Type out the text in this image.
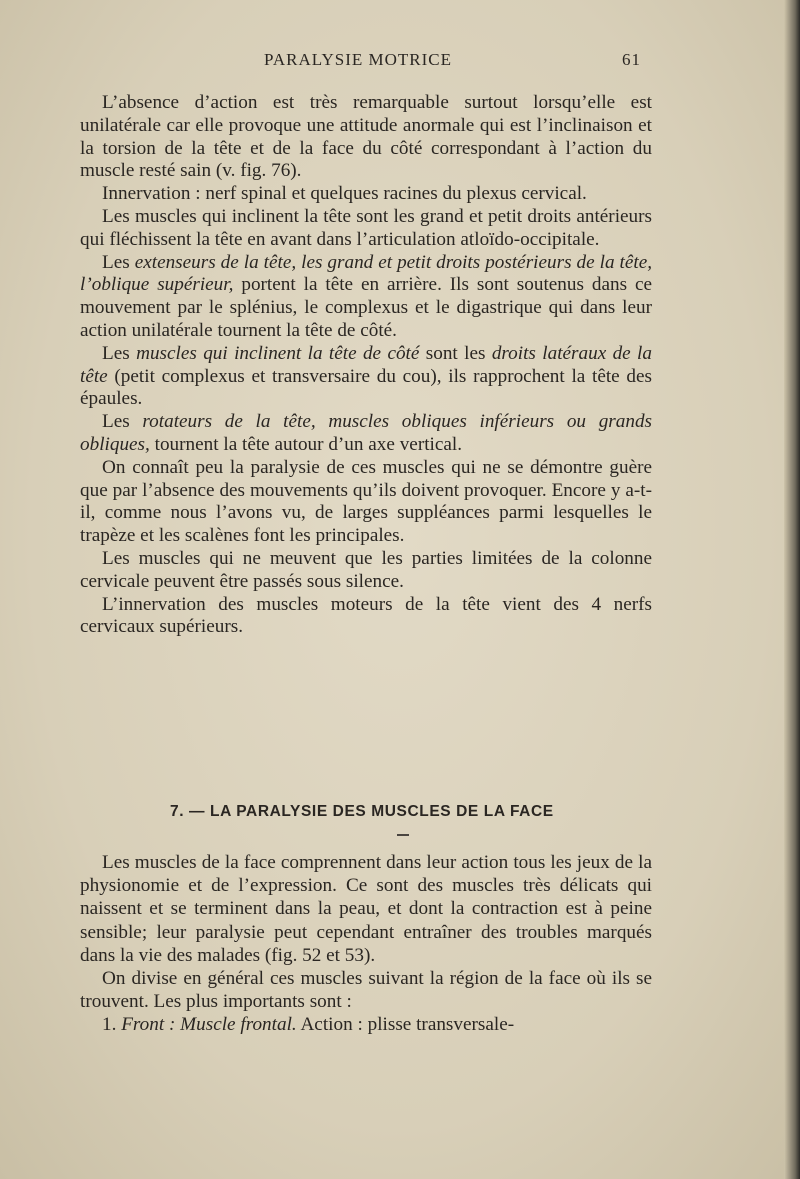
PARALYSIE MOTRICE	61

L’absence d’action est très remarquable surtout lorsqu’elle est unilatérale car elle provoque une attitude anormale qui est l’inclinaison et la torsion de la tête et de la face du côté correspondant à l’action du muscle resté sain (v. fig. 76).

Innervation : nerf spinal et quelques racines du plexus cervical.

Les muscles qui inclinent la tête sont les grand et petit droits antérieurs qui fléchissent la tête en avant dans l’articulation atloïdo-occipitale.

Les extenseurs de la tête, les grand et petit droits postérieurs de la tête, l’oblique supérieur, portent la tête en arrière. Ils sont soutenus dans ce mouvement par le splénius, le complexus et le digastrique qui dans leur action unilatérale tournent la tête de côté.

Les muscles qui inclinent la tête de côté sont les droits latéraux de la tête (petit complexus et transversaire du cou), ils rapprochent la tête des épaules.

Les rotateurs de la tête, muscles obliques inférieurs ou grands obliques, tournent la tête autour d’un axe vertical.

On connaît peu la paralysie de ces muscles qui ne se démontre guère que par l’absence des mouvements qu’ils doivent provoquer. Encore y a-t-il, comme nous l’avons vu, de larges suppléances parmi lesquelles le trapèze et les scalènes font les principales.

Les muscles qui ne meuvent que les parties limitées de la colonne cervicale peuvent être passés sous silence.

L’innervation des muscles moteurs de la tête vient des 4 nerfs cervicaux supérieurs.

7. — LA PARALYSIE DES MUSCLES DE LA FACE

Les muscles de la face comprennent dans leur action tous les jeux de la physionomie et de l’expression. Ce sont des muscles très délicats qui naissent et se terminent dans la peau, et dont la contraction est à peine sensible; leur paralysie peut cependant entraîner des troubles marqués dans la vie des malades (fig. 52 et 53).

On divise en général ces muscles suivant la région de la face où ils se trouvent. Les plus importants sont :

1. Front : Muscle frontal. Action : plisse transversale-
